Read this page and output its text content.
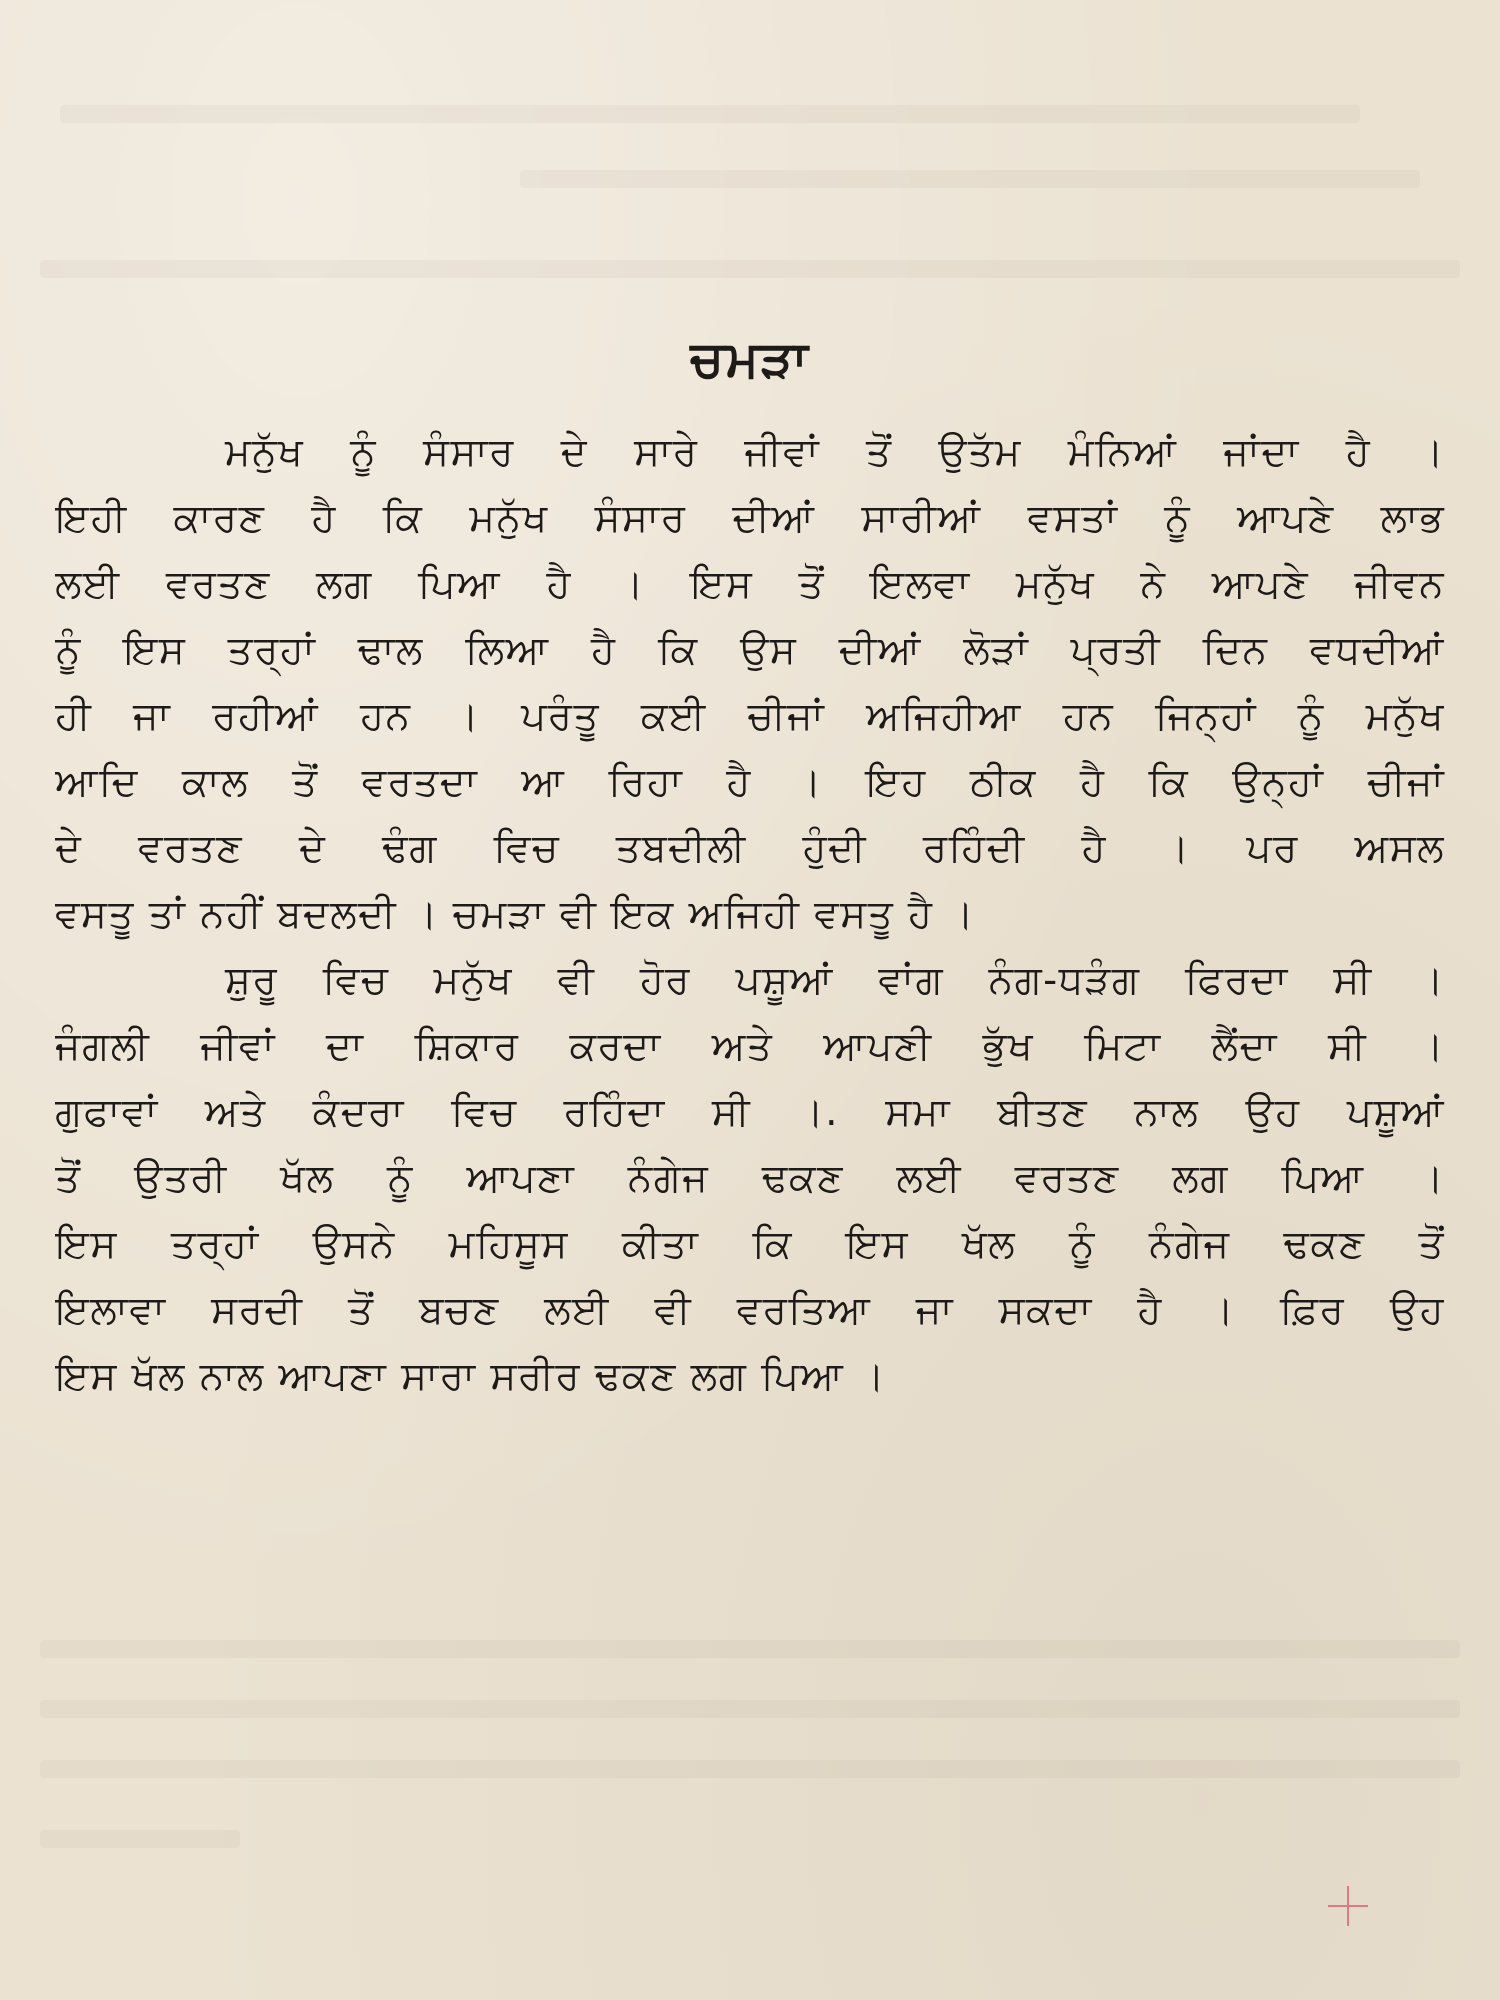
ਚਮੜਾ
ਮਨੁੱਖ ਨੂੰ ਸੰਸਾਰ ਦੇ ਸਾਰੇ ਜੀਵਾਂ ਤੋਂ ਉਤੱਮ ਮੰਨਿਆਂ ਜਾਂਦਾ ਹੈ ।
ਇਹੀ ਕਾਰਣ ਹੈ ਕਿ ਮਨੁੱਖ ਸੰਸਾਰ ਦੀਆਂ ਸਾਰੀਆਂ ਵਸਤਾਂ ਨੂੰ ਆਪਣੇ ਲਾਭ
ਲਈ ਵਰਤਣ ਲਗ ਪਿਆ ਹੈ । ਇਸ ਤੋਂ ਇਲਵਾ ਮਨੁੱਖ ਨੇ ਆਪਣੇ ਜੀਵਨ
ਨੂੰ ਇਸ ਤਰ੍ਹਾਂ ਢਾਲ ਲਿਆ ਹੈ ਕਿ ਉਸ ਦੀਆਂ ਲੋੜਾਂ ਪ੍ਰਤੀ ਦਿਨ ਵਧਦੀਆਂ
ਹੀ ਜਾ ਰਹੀਆਂ ਹਨ । ਪਰੰਤੂ ਕਈ ਚੀਜਾਂ ਅਜਿਹੀਆ ਹਨ ਜਿਨ੍ਹਾਂ ਨੂੰ ਮਨੁੱਖ
ਆਦਿ ਕਾਲ ਤੋਂ ਵਰਤਦਾ ਆ ਰਿਹਾ ਹੈ । ਇਹ ਠੀਕ ਹੈ ਕਿ ਉਨ੍ਹਾਂ ਚੀਜਾਂ
ਦੇ ਵਰਤਣ ਦੇ ਢੰਗ ਵਿਚ ਤਬਦੀਲੀ ਹੁੰਦੀ ਰਹਿੰਦੀ ਹੈ । ਪਰ ਅਸਲ
ਵਸਤੂ ਤਾਂ ਨਹੀਂ ਬਦਲਦੀ । ਚਮੜਾ ਵੀ ਇਕ ਅਜਿਹੀ ਵਸਤੂ ਹੈ ।
ਸ਼ੁਰੂ ਵਿਚ ਮਨੁੱਖ ਵੀ ਹੋਰ ਪਸ਼ੂਆਂ ਵਾਂਗ ਨੰਗ-ਧੜੰਗ ਫਿਰਦਾ ਸੀ ।
ਜੰਗਲੀ ਜੀਵਾਂ ਦਾ ਸ਼ਿਕਾਰ ਕਰਦਾ ਅਤੇ ਆਪਣੀ ਭੁੱਖ ਮਿਟਾ ਲੈਂਦਾ ਸੀ ।
ਗੁਫਾਵਾਂ ਅਤੇ ਕੰਦਰਾ ਵਿਚ ਰਹਿੰਦਾ ਸੀ ।. ਸਮਾ ਬੀਤਣ ਨਾਲ ਉਹ ਪਸ਼ੂਆਂ
ਤੋਂ ਉਤਰੀ ਖੱਲ ਨੂੰ ਆਪਣਾ ਨੰਗੇਜ ਢਕਣ ਲਈ ਵਰਤਣ ਲਗ ਪਿਆ ।
ਇਸ ਤਰ੍ਹਾਂ ਉਸਨੇ ਮਹਿਸੂਸ ਕੀਤਾ ਕਿ ਇਸ ਖੱਲ ਨੂੰ ਨੰਗੇਜ ਢਕਣ ਤੋਂ
ਇਲਾਵਾ ਸਰਦੀ ਤੋਂ ਬਚਣ ਲਈ ਵੀ ਵਰਤਿਆ ਜਾ ਸਕਦਾ ਹੈ । ਫ਼ਿਰ ਉਹ
ਇਸ ਖੱਲ ਨਾਲ ਆਪਣਾ ਸਾਰਾ ਸਰੀਰ ਢਕਣ ਲਗ ਪਿਆ ।
